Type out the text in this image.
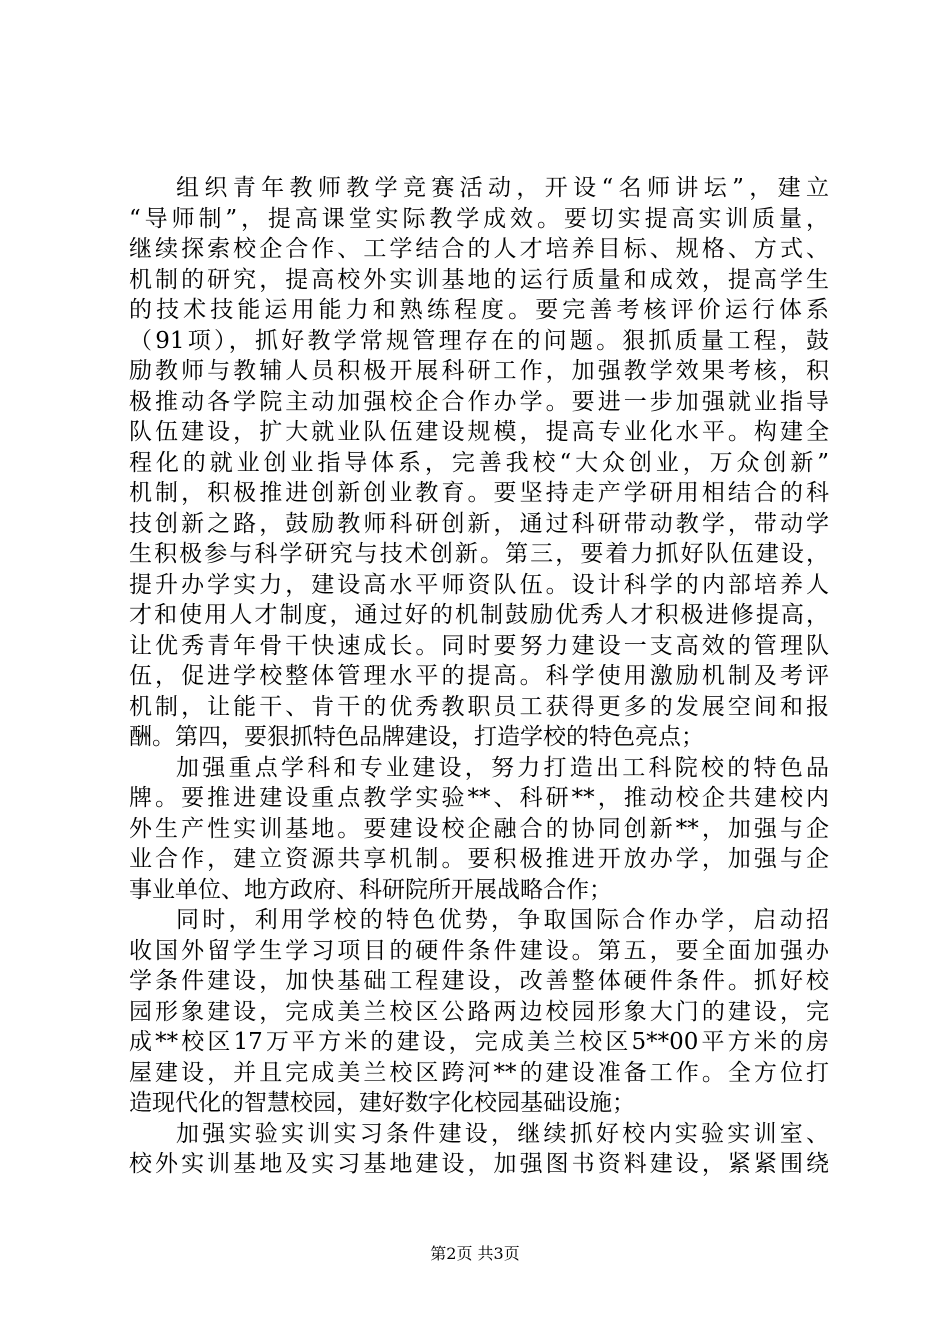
组织青年教师教学竞赛活动，开设“名师讲坛”，建立
“导师制”，提高课堂实际教学成效。要切实提高实训质量，
继续探索校企合作、工学结合的人才培养目标、规格、方式、
机制的研究，提高校外实训基地的运行质量和成效，提高学生
的技术技能运用能力和熟练程度。要完善考核评价运行体系
（91项），抓好教学常规管理存在的问题。狠抓质量工程，鼓
励教师与教辅人员积极开展科研工作，加强教学效果考核，积
极推动各学院主动加强校企合作办学。要进一步加强就业指导
队伍建设，扩大就业队伍建设规模，提高专业化水平。构建全
程化的就业创业指导体系，完善我校“大众创业，万众创新”
机制，积极推进创新创业教育。要坚持走产学研用相结合的科
技创新之路，鼓励教师科研创新，通过科研带动教学，带动学
生积极参与科学研究与技术创新。第三，要着力抓好队伍建设，
提升办学实力，建设高水平师资队伍。设计科学的内部培养人
才和使用人才制度，通过好的机制鼓励优秀人才积极进修提高，
让优秀青年骨干快速成长。同时要努力建设一支高效的管理队
伍，促进学校整体管理水平的提高。科学使用激励机制及考评
机制，让能干、肯干的优秀教职员工获得更多的发展空间和报
酬。第四，要狠抓特色品牌建设，打造学校的特色亮点；
加强重点学科和专业建设，努力打造出工科院校的特色品
牌。要推进建设重点教学实验**、科研**，推动校企共建校内
外生产性实训基地。要建设校企融合的协同创新**，加强与企
业合作，建立资源共享机制。要积极推进开放办学，加强与企
事业单位、地方政府、科研院所开展战略合作；
同时，利用学校的特色优势，争取国际合作办学，启动招
收国外留学生学习项目的硬件条件建设。第五，要全面加强办
学条件建设，加快基础工程建设，改善整体硬件条件。抓好校
园形象建设，完成美兰校区公路两边校园形象大门的建设，完
成**校区17万平方米的建设，完成美兰校区5**00平方米的房
屋建设，并且完成美兰校区跨河**的建设准备工作。全方位打
造现代化的智慧校园，建好数字化校园基础设施；
加强实验实训实习条件建设，继续抓好校内实验实训室、
校外实训基地及实习基地建设，加强图书资料建设，紧紧围绕
第2页 共3页
